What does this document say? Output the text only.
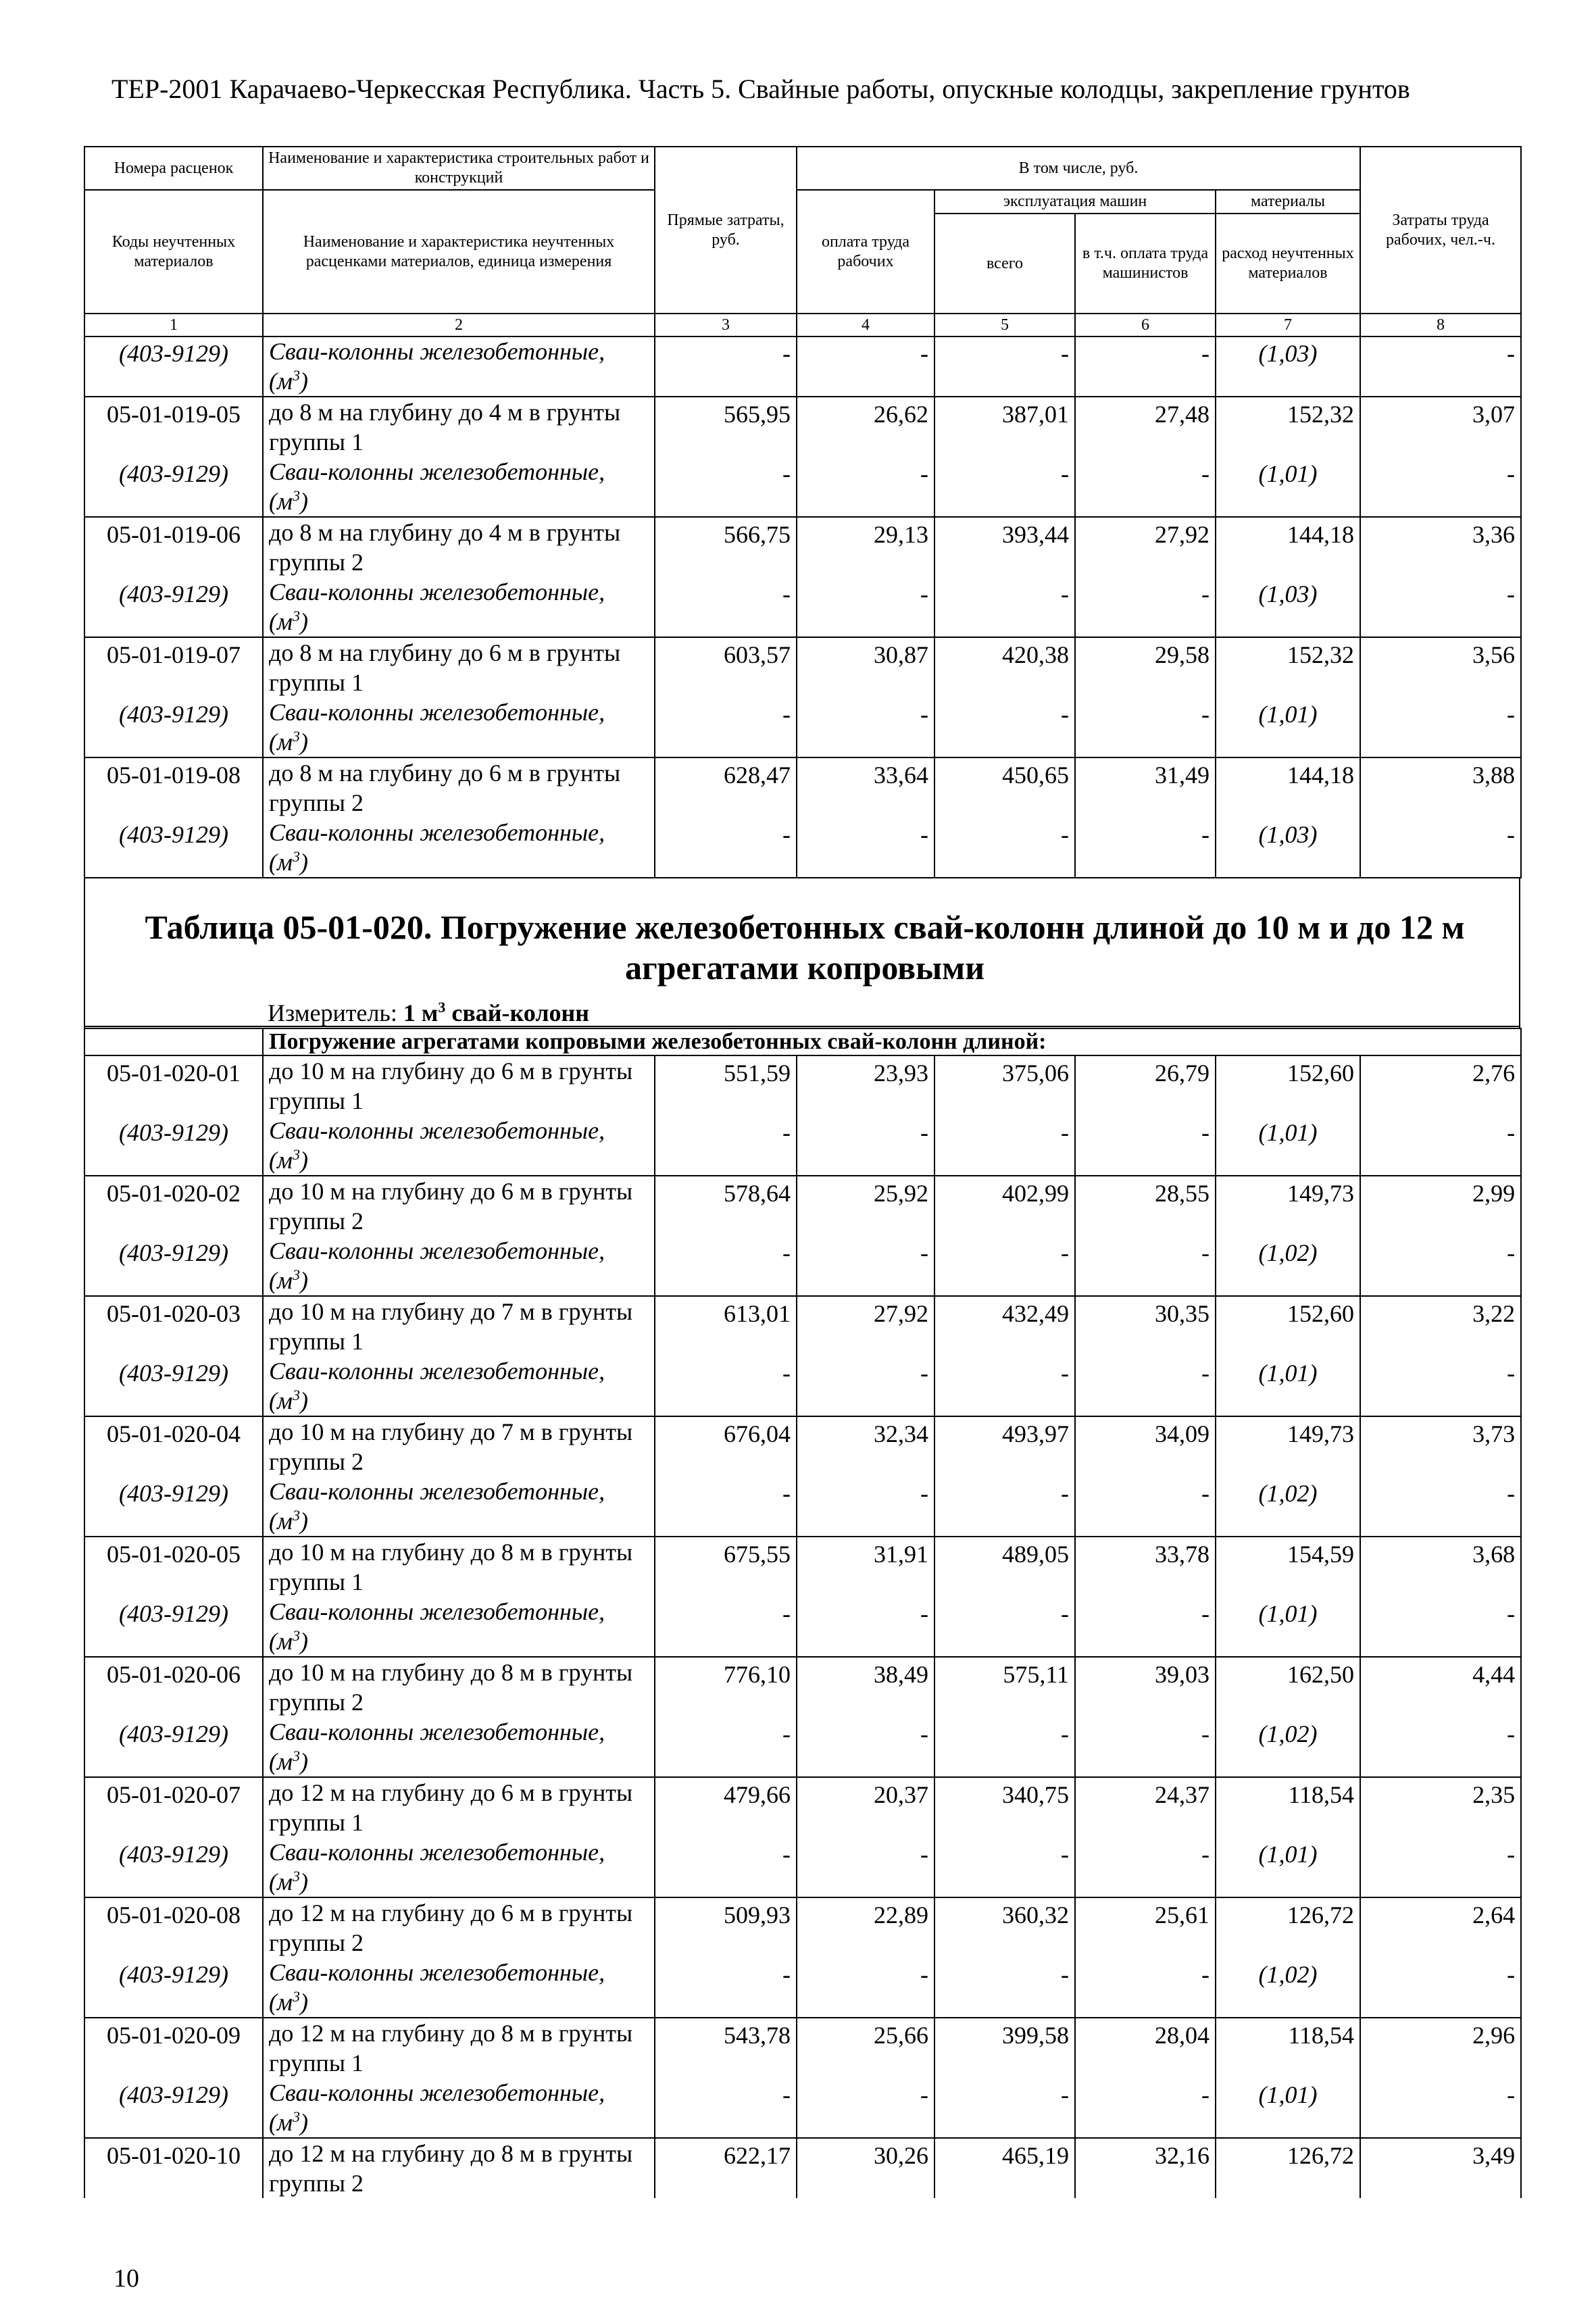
ТЕР-2001 Карачаево-Черкесская Республика. Часть 5. Свайные работы, опускные колодцы, закрепление грунтов
Номера расценок	Наименование и характеристика строительных работ и конструкций	Прямые затраты, руб.	В том числе, руб.				Затраты труда рабочих, чел.-ч.
Коды неучтенных материалов	Наименование и характеристика неучтенных расценками материалов, единица измерения		оплата труда рабочих	эксплуатация машин		материалы	
				всего	в т.ч. оплата труда машинистов	расход неучтенных материалов	
1	2	3	4	5	6	7	8
(403-9129)	Сваи-колонны железобетонные,
$(м^3)$	-	-	-	-	(1,03)	-

05-01-019-05	до 8 м на глубину до 4 м в грунты группы 1	565,95	26,62	387,01	27,48	152,32	3,07

(403-9129)	Сваи-колонны железобетонные,
$(м^3)$	-	-	-	-	(1,01)	-

05-01-019-06	до 8 м на глубину до 4 м в грунты группы 2	566,75	29,13	393,44	27,92	144,18	3,36

(403-9129)	Сваи-колонны железобетонные,
$(м^3)$	-	-	-	-	(1,03)	-

05-01-019-07	до 8 м на глубину до 6 м в грунты группы 1	603,57	30,87	420,38	29,58	152,32	3,56

(403-9129)	Сваи-колонны железобетонные,
$(м^3)$	-	-	-	-	(1,01)	-

05-01-019-08	до 8 м на глубину до 6 м в грунты группы 2	628,47	33,64	450,65	31,49	144,18	3,88

(403-9129)	Сваи-колонны железобетонные,
$(м^3)$	-	-	-	-	(1,03)	-
Таблица 05-01-020. Погружение железобетонных свай-колонн длиной до 10 м и до 12 м агрегатами копровыми
Измеритель: 1 $м^3$ свай-колонн
	Погружение агрегатами копровыми железобетонных свай-колонн длиной:						

05-01-020-01	до 10 м на глубину до 6 м в грунты группы 1	551,59	23,93	375,06	26,79	152,60	2,76

(403-9129)	Сваи-колонны железобетонные,
$(м^3)$	-	-	-	-	(1,01)	-

05-01-020-02	до 10 м на глубину до 6 м в грунты группы 2	578,64	25,92	402,99	28,55	149,73	2,99

(403-9129)	Сваи-колонны железобетонные,
$(м^3)$	-	-	-	-	(1,02)	-

05-01-020-03	до 10 м на глубину до 7 м в грунты группы 1	613,01	27,92	432,49	30,35	152,60	3,22

(403-9129)	Сваи-колонны железобетонные,
$(м^3)$	-	-	-	-	(1,01)	-

05-01-020-04	до 10 м на глубину до 7 м в грунты группы 2	676,04	32,34	493,97	34,09	149,73	3,73

(403-9129)	Сваи-колонны железобетонные,
$(м^3)$	-	-	-	-	(1,02)	-

05-01-020-05	до 10 м на глубину до 8 м в грунты группы 1	675,55	31,91	489,05	33,78	154,59	3,68

(403-9129)	Сваи-колонны железобетонные,
$(м^3)$	-	-	-	-	(1,01)	-

05-01-020-06	до 10 м на глубину до 8 м в грунты группы 2	776,10	38,49	575,11	39,03	162,50	4,44

(403-9129)	Сваи-колонны железобетонные,
$(м^3)$	-	-	-	-	(1,02)	-

05-01-020-07	до 12 м на глубину до 6 м в грунты группы 1	479,66	20,37	340,75	24,37	118,54	2,35

(403-9129)	Сваи-колонны железобетонные,
$(м^3)$	-	-	-	-	(1,01)	-

05-01-020-08	до 12 м на глубину до 6 м в грунты группы 2	509,93	22,89	360,32	25,61	126,72	2,64

(403-9129)	Сваи-колонны железобетонные,
$(м^3)$	-	-	-	-	(1,02)	-

05-01-020-09	до 12 м на глубину до 8 м в грунты группы 1	543,78	25,66	399,58	28,04	118,54	2,96

(403-9129)	Сваи-колонны железобетонные,
$(м^3)$	-	-	-	-	(1,01)	-

05-01-020-10	до 12 м на глубину до 8 м в грунты группы 2	622,17	30,26	465,19	32,16	126,72	3,49
10
